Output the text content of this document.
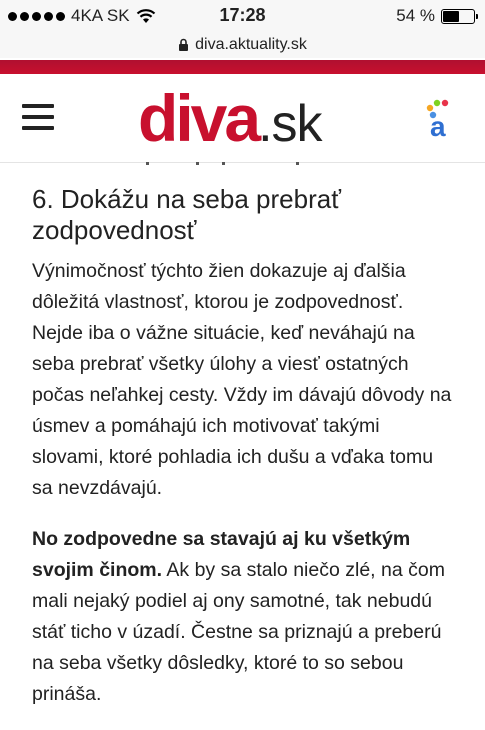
4KA SK	17:28	54 %
diva.aktuality.sk
diva .sk	a
6. Dokážu na seba prebrať zodpovednosť

Výnimočnosť týchto žien dokazuje aj ďalšia dôležitá vlastnosť, ktorou je zodpovednosť. Nejde iba o vážne situácie, keď neváhajú na seba prebrať všetky úlohy a viesť ostatných počas neľahkej cesty. Vždy im dávajú dôvody na úsmev a pomáhajú ich motivovať takými slovami, ktoré pohladia ich dušu a vďaka tomu sa nevzdávajú.

No zodpovedne sa stavajú aj ku všetkým svojim činom. Ak by sa stalo niečo zlé, na čom mali nejaký podiel aj ony samotné, tak nebudú stáť ticho v úzadí. Čestne sa priznajú a preberú na seba všetky dôsledky, ktoré to so sebou prináša.
